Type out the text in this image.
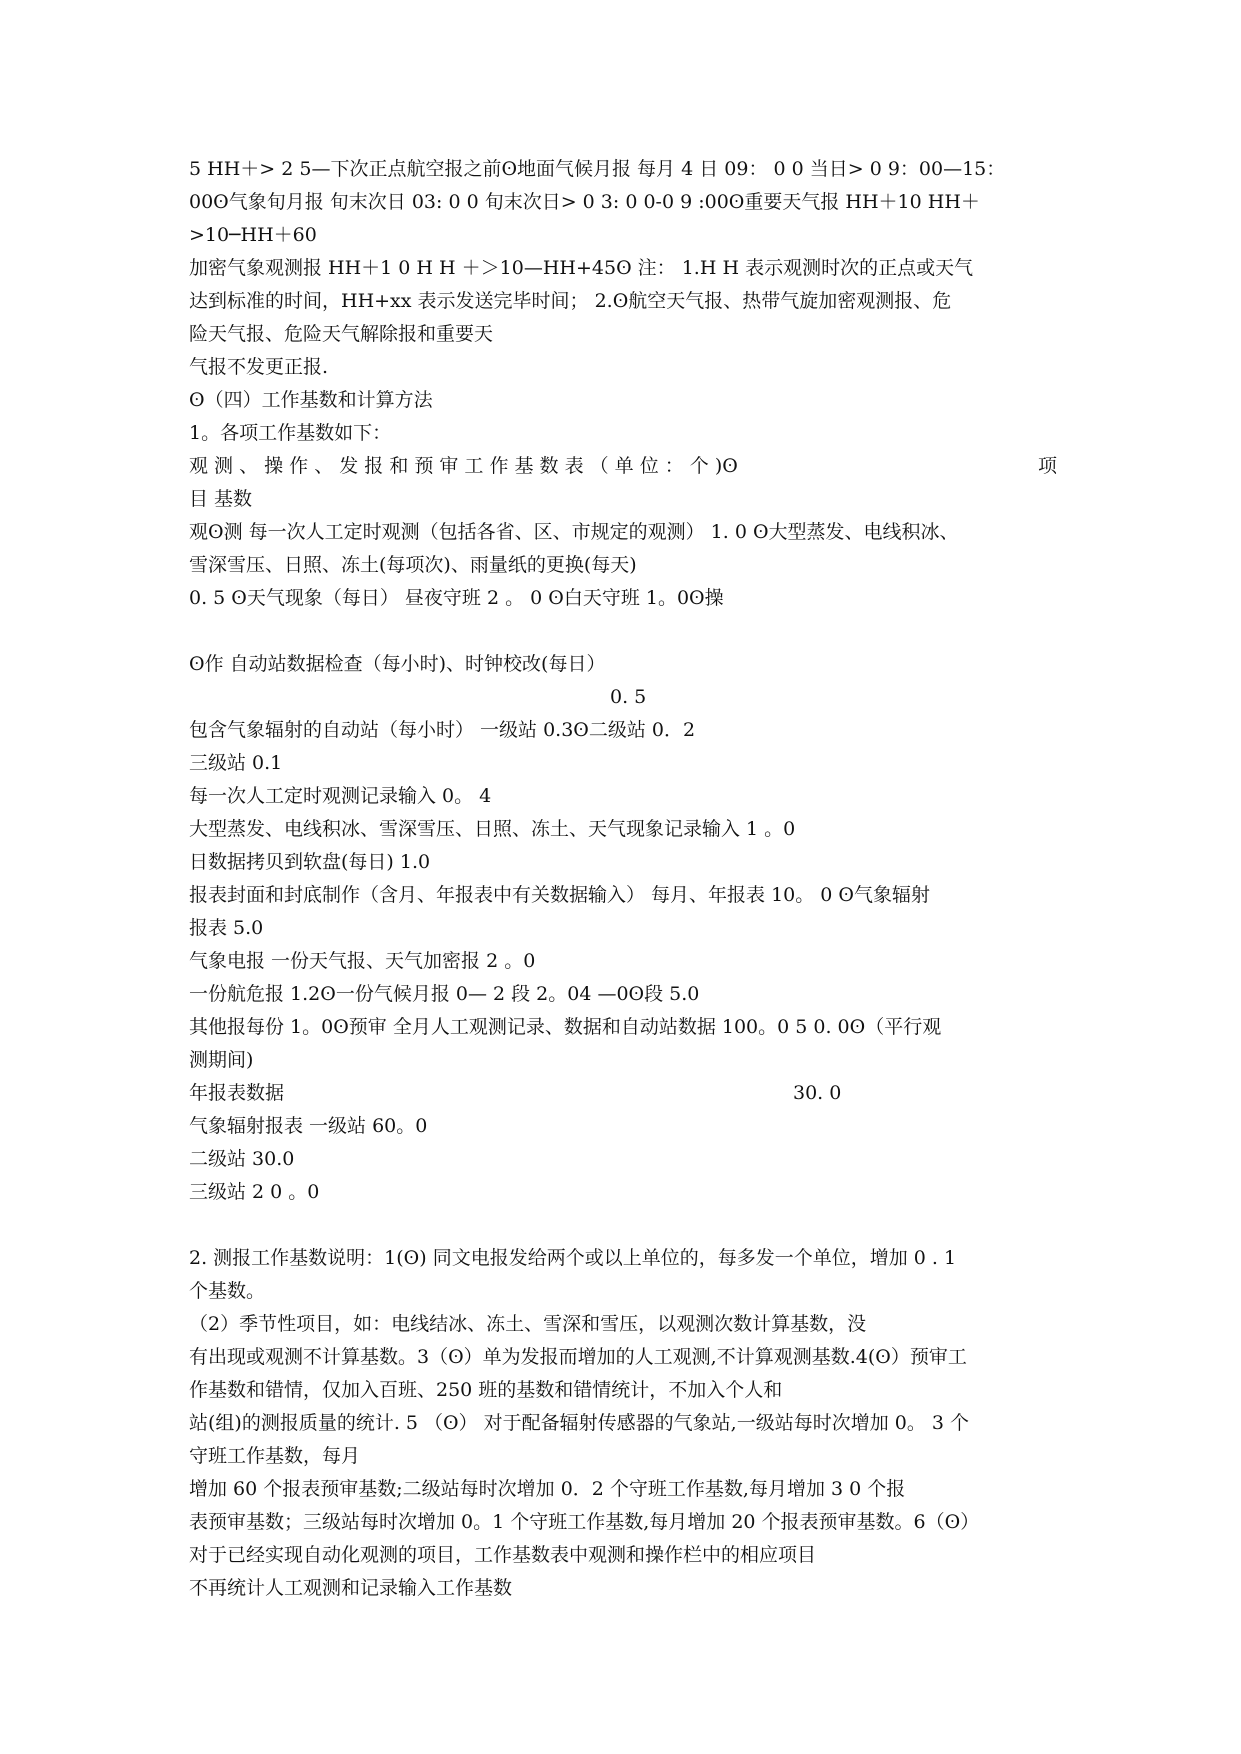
5 HH＋> 2 5—下次正点航空报之前ʘ地面气候月报 每月 4 日 09： 0 0 当日> 0 9：00—15：
00ʘ气象旬月报 旬末次日 03: 0 0 旬末次日> 0 3: 0 0-0 9 :00ʘ重要天气报 HH＋10 HH＋
>10─HH＋60
加密气象观测报 HH＋1 0 H H ＋＞10—HH+45ʘ 注： 1.H H 表示观测时次的正点或天气
达到标准的时间，HH+xx 表示发送完毕时间； 2.ʘ航空天气报、热带气旋加密观测报、危
险天气报、危险天气解除报和重要天
气报不发更正报.
ʘ（四）工作基数和计算方法
1。各项工作基数如下：
观 测 、 操 作 、 发 报 和 预 审 工 作 基 数 表 （ 单 位 ： 个 )ʘ	项
目 基数
观ʘ测 每一次人工定时观测（包括各省、区、市规定的观测） 1. 0 ʘ大型蒸发、电线积冰、
雪深雪压、日照、冻土(每项次)、雨量纸的更换(每天)
0. 5 ʘ天气现象（每日） 昼夜守班 2 。 0 ʘ白天守班 1。0ʘ操
ʘ作 自动站数据检查（每小时)、时钟校改(每日）
0. 5
包含气象辐射的自动站（每小时） 一级站 0.3ʘ二级站 0．2
三级站 0.1
每一次人工定时观测记录输入 0。 4
大型蒸发、电线积冰、雪深雪压、日照、冻土、天气现象记录输入 1 。0
日数据拷贝到软盘(每日) 1.0
报表封面和封底制作（含月、年报表中有关数据输入） 每月、年报表 10。 0 ʘ气象辐射
报表 5.0
气象电报 一份天气报、天气加密报 2 。0
一份航危报 1.2ʘ一份气候月报 0— 2 段 2。04 —0ʘ段 5.0
其他报每份 1。0ʘ预审 全月人工观测记录、数据和自动站数据 100。0 5 0. 0ʘ（平行观
测期间)
年报表数据	30. 0
气象辐射报表 一级站 60。0
二级站 30.0
三级站 2 0 。0
2. 测报工作基数说明：1(ʘ) 同文电报发给两个或以上单位的，每多发一个单位，增加 0 . 1
个基数。
（2）季节性项目，如：电线结冰、冻土、雪深和雪压，以观测次数计算基数，没
有出现或观测不计算基数。3（ʘ）单为发报而增加的人工观测,不计算观测基数.4(ʘ）预审工
作基数和错情，仅加入百班、250 班的基数和错情统计，不加入个人和
站(组)的测报质量的统计. 5 （ʘ） 对于配备辐射传感器的气象站,一级站每时次增加 0。 3 个
守班工作基数，每月
增加 60 个报表预审基数;二级站每时次增加 0．2 个守班工作基数,每月增加 3 0 个报
表预审基数；三级站每时次增加 0。1 个守班工作基数,每月增加 20 个报表预审基数。6（ʘ）
对于已经实现自动化观测的项目，工作基数表中观测和操作栏中的相应项目
不再统计人工观测和记录输入工作基数
